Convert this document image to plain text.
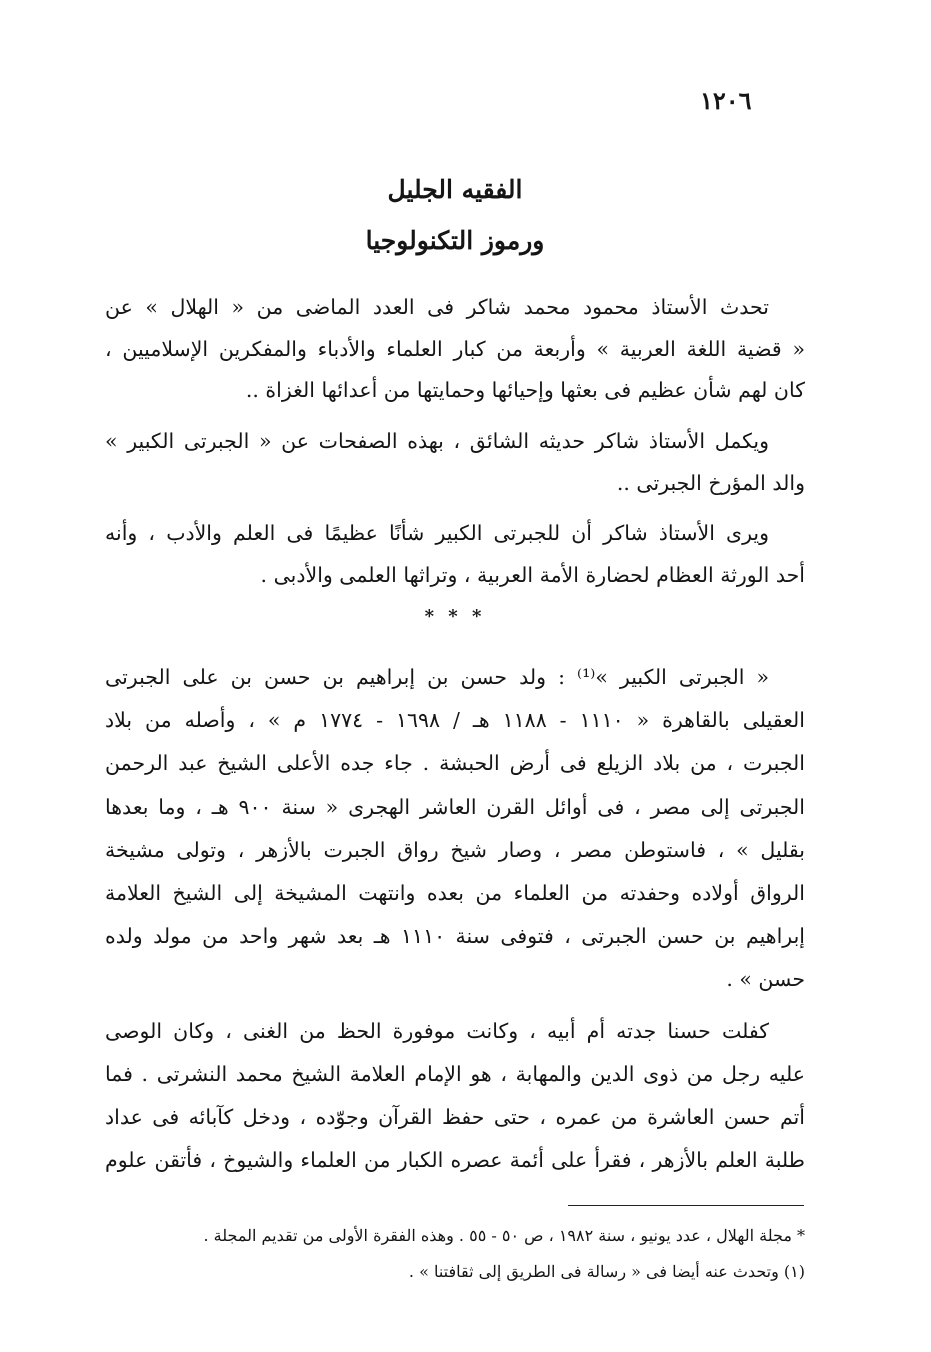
١٢٠٦
الفقيه الجليل
ورموز التكنولوجيا
تحدث الأستاذ محمود محمد شاكر فى العدد الماضى من « الهلال » عن
« قضية اللغة العربية » وأربعة من كبار العلماء والأدباء والمفكرين الإسلاميين ،
كان لهم شأن عظيم فى بعثها وإحيائها وحمايتها من أعدائها الغزاة ..
ويكمل الأستاذ شاكر حديثه الشائق ، بهذه الصفحات عن « الجبرتى الكبير »
والد المؤرخ الجبرتى ..
ويرى الأستاذ شاكر أن للجبرتى الكبير شأنًا عظيمًا فى العلم والأدب ، وأنه
أحد الورثة العظام لحضارة الأمة العربية ، وتراثها العلمى والأدبى .
* * *
« الجبرتى الكبير »⁽¹⁾ : ولد حسن بن إبراهيم بن حسن بن على الجبرتى
العقيلى بالقاهرة « ١١١٠ - ١١٨٨ هـ / ١٦٩٨ - ١٧٧٤ م » ، وأصله من بلاد
الجبرت ، من بلاد الزيلع فى أرض الحبشة . جاء جده الأعلى الشيخ عبد الرحمن
الجبرتى إلى مصر ، فى أوائل القرن العاشر الهجرى « سنة ٩٠٠ هـ ، وما بعدها
بقليل » ، فاستوطن مصر ، وصار شيخ رواق الجبرت بالأزهر ، وتولى مشيخة
الرواق أولاده وحفدته من العلماء من بعده وانتهت المشيخة إلى الشيخ العلامة
إبراهيم بن حسن الجبرتى ، فتوفى سنة ١١١٠ هـ بعد شهر واحد من مولد ولده
حسن » .
كفلت حسنا جدته أم أبيه ، وكانت موفورة الحظ من الغنى ، وكان الوصى
عليه رجل من ذوى الدين والمهابة ، هو الإمام العلامة الشيخ محمد النشرتى . فما
أتم حسن العاشرة من عمره ، حتى حفظ القرآن وجوّده ، ودخل كآبائه فى عداد
طلبة العلم بالأزهر ، فقرأ على أئمة عصره الكبار من العلماء والشيوخ ، فأتقن علوم
* مجلة الهلال ، عدد يونيو ، سنة ١٩٨٢ ، ص ٥٠ - ٥٥ . وهذه الفقرة الأولى من تقديم المجلة .
(١) وتحدث عنه أيضا فى « رسالة فى الطريق إلى ثقافتنا » .
